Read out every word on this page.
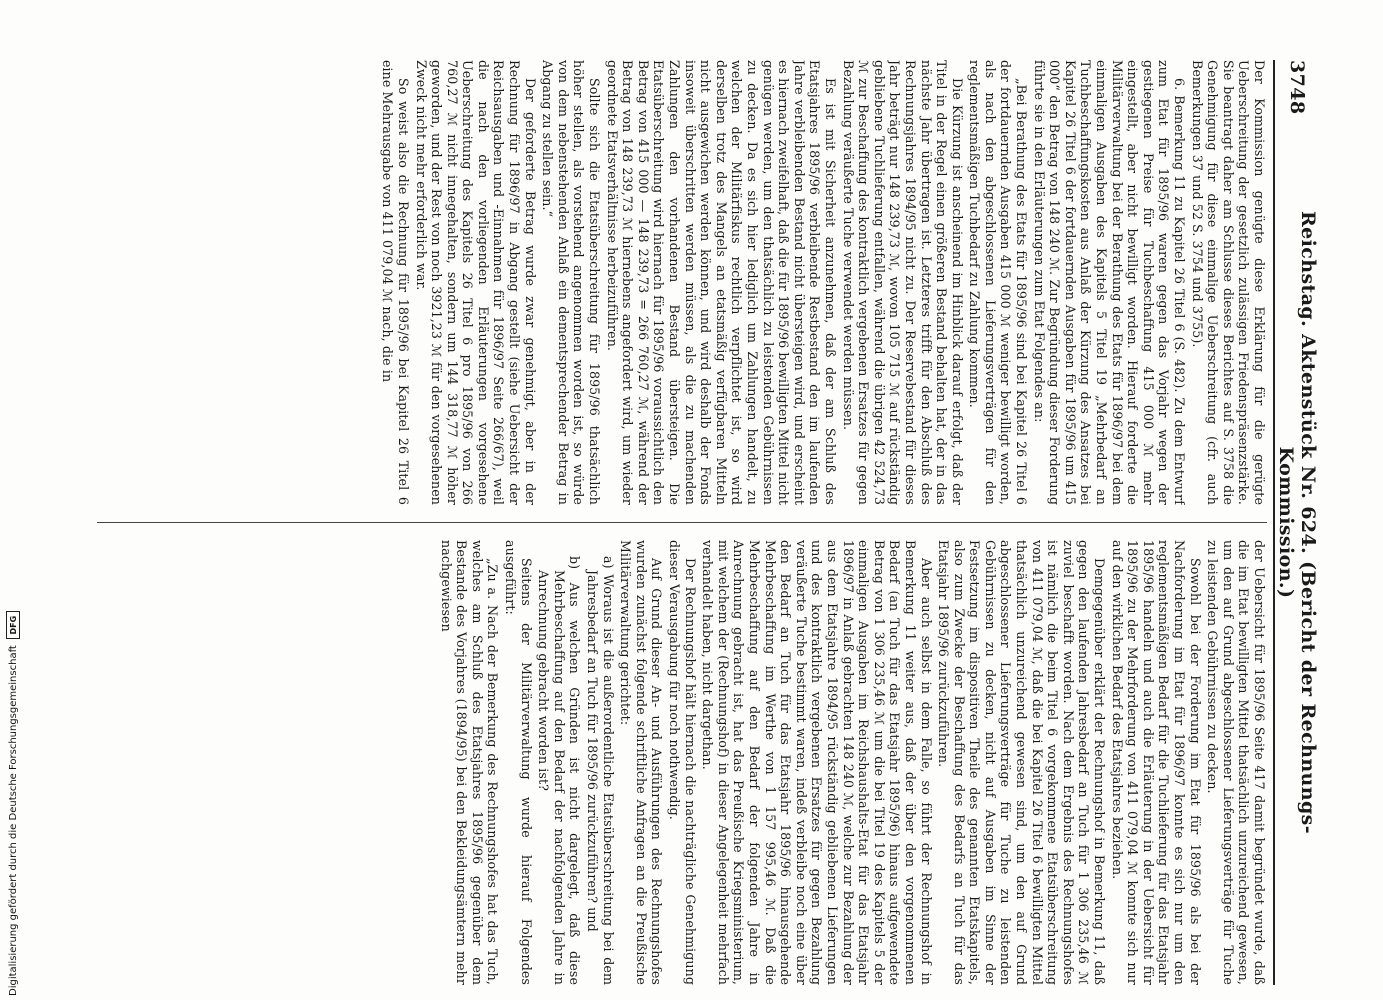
3748
Reichstag. Aktenstück Nr. 624. (Bericht der Rechnungs-Kommission.)

Der Kommission genügte diese Erklärung für die gerügte Ueberschreitung der gesetzlich zulässigen Friedenspräsenzstärke. Sie beantragt daher am Schlusse dieses Berichtes auf S. 3758 die Genehmigung für diese einmalige Ueberschreitung (cfr. auch Bemerkungen 37 und 52 S. 3754 und 3755).

6. Bemerkung 11 zu Kapitel 26 Titel 6 (S. 482). Zu dem Entwurf zum Etat für 1895/96 waren gegen das Vorjahr wegen der gestiegenen Preise für Tuchbeschaffung 415 000 ℳ mehr eingestellt, aber nicht bewilligt worden. Hierauf forderte die Militärverwaltung bei der Berathung des Etats für 1896/97 bei dem einmaligen Ausgaben des Kapitels 5 Titel 19 „Mehrbedarf an Tuchbeschaffungskosten aus Anlaß der Kürzung des Ansatzes bei Kapitel 26 Titel 6 der fortdauernden Ausgaben für 1895/96 um 415 000“ den Betrag von 148 240 ℳ. Zur Begründung dieser Forderung führte sie in den Erläuterungen zum Etat Folgendes an:

„Bei Berathung des Etats für 1895/96 sind bei Kapitel 26 Titel 6 der fortdauernden Ausgaben 415 000 ℳ weniger bewilligt worden, als nach den abgeschlossenen Lieferungsverträgen für den reglementsmäßigen Tuchbedarf zu Zahlung kommen.

Die Kürzung ist anscheinend im Hinblick darauf erfolgt, daß der Titel in der Regel einen größeren Bestand behalten hat, der in das nächste Jahr übertragen ist. Letzteres trifft für den Abschluß des Rechnungsjahres 1894/95 nicht zu. Der Reservebestand für dieses Jahr beträgt nur 148 239,73 ℳ, wovon 105 715 ℳ auf rückständig gebliebene Tuchlieferung entfallen, während die übrigen 42 524,73 ℳ zur Beschaffung des kontraktlich vergebenen Ersatzes für gegen Bezahlung veräußerte Tuche verwendet werden müssen.

Es ist mit Sicherheit anzunehmen, daß der am Schluß des Etatsjahres 1895/96 verbleibende Restbestand den im laufenden Jahre verbleibenden Bestand nicht übersteigen wird, und erscheint es hiernach zweifelhaft, daß die für 1895/96 bewilligten Mittel nicht genügen werden, um den thatsächlich zu leistenden Gebührnissen zu decken. Da es sich hier lediglich um Zahlungen handelt, zu welchen der Militärfiskus rechtlich verpflichtet ist, so wird derselben trotz des Mangels an etatsmäßig verfügbaren Mitteln nicht ausgewichen werden können, und wird deshalb der Fonds insoweit überschritten werden müssen, als die zu machenden Zahlungen den vorhandenen Bestand übersteigen. Die Etatsüberschreitung wird hiernach für 1895/96 voraussichtlich den Betrag von 415 000 — 148 239,73 = 266 760,27 ℳ, während der Betrag von 148 239,73 ℳ hiernebens angefordert wird, um wieder geordnete Etatsverhältnisse herbeizuführen.

Sollte sich die Etatsüberschreitung für 1895/96 thatsächlich höher stellen, als vorstehend angenommen worden ist, so würde von dem nebenstehenden Anlaß ein dementsprechender Betrag in Abgang zu stellen sein.“

Der geforderte Betrag wurde zwar genehmigt, aber in der Rechnung für 1896/97 in Abgang gestellt (siehe Uebersicht der Reichsausgaben und -Einnahmen für 1896/97 Seite 266/67), weil die nach den vorliegenden Erläuterungen vorgesehene Ueberschreitung des Kapitels 26 Titel 6 pro 1895/96 von 266 760,27 ℳ nicht innegehalten, sondern um 144 318,77 ℳ höher geworden, und der Rest von noch 3921,23 ℳ für den vorgesehenen Zweck nicht mehr erforderlich war.

So weist also die Rechnung für 1895/96 bei Kapitel 26 Titel 6 eine Mehrausgabe von 411 079,04 ℳ nach, die in

der Uebersicht für 1895/96 Seite 417 damit begründet wurde, daß die im Etat bewilligten Mittel thatsächlich unzureichend gewesen, um den auf Grund abgeschlossener Lieferungsverträge für Tuche zu leistenden Gebührnissen zu decken.

Sowohl bei der Forderung im Etat für 1895/96 als bei der Nachforderung im Etat für 1896/97 konnte es sich nur um den reglementsmäßigen Bedarf für die Tuchlieferung für das Etatsjahr 1895/96 handeln und auch die Erläuterung in der Uebersicht für 1895/96 zu der Mehrforderung von 411 079,04 ℳ konnte sich nur auf den wirklichen Bedarf des Etatsjahres beziehen.

Demgegenüber erklärt der Rechnungshof in Bemerkung 11, daß gegen den laufenden Jahresbedarf an Tuch für 1 306 235,46 ℳ zuviel beschafft worden. Nach dem Ergebnis des Rechnungshofes ist nämlich die beim Titel 6 vorgekommene Etatsüberschreitung von 411 079,04 ℳ, daß die bei Kapitel 26 Titel 6 bewilligten Mittel thatsächlich unzureichend gewesen sind, um den auf Grund abgeschlossener Lieferungsverträge für Tuche zu leistenden Gebührnissen zu decken, nicht auf Ausgaben im Sinne der Festsetzung im dispositiven Theile des genannten Etatskapitels, also zum Zwecke der Beschaffung des Bedarfs an Tuch für das Etatsjahr 1895/96 zurückzuführen.

Aber auch selbst in dem Falle, so führt der Rechnungshof in Bemerkung 11 weiter aus, daß der über den vorgenommenen Bedarf (an Tuch für das Etatsjahr 1895/96) hinaus aufgewendete Betrag von 1 306 235,46 ℳ um die bei Titel 19 des Kapitels 5 der einmaligen Ausgaben im Reichshaushalts-Etat für das Etatsjahr 1896/97 in Anlaß gebrachten 148 240 ℳ, welche zur Bezahlung der aus dem Etatsjahre 1894/95 rückständig gebliebenen Lieferungen und des kontraktlich vergebenen Ersatzes für gegen Bezahlung veräußerte Tuche bestimmt waren, indeß verbleibe noch eine über den Bedarf an Tuch für das Etatsjahr 1895/96 hinausgehende Mehrbeschaffung im Werthe von 1 157 995,46 ℳ. Daß die Mehrbeschaffung auf den Bedarf der folgenden Jahre in Anrechnung gebracht ist, hat das Preußische Kriegsministerium, mit welchem der (Rechnungshof) in dieser Angelegenheit mehrfach verhandelt haben, nicht dargethan.

Der Rechnungshof hält hiernach die nachträgliche Genehmigung dieser Verausgabung für noch nothwendig.

Auf Grund dieser An- und Ausführungen des Rechnungshofes wurden zunächst folgende schriftliche Anfragen an die Preußische Militärverwaltung gerichtet:

a) Woraus ist die außerordentliche Etatsüberschreitung bei dem Jahresbedarf an Tuch für 1895/96 zurückzuführen? und

b) Aus welchen Gründen ist nicht dargelegt, daß diese Mehrbeschaffung auf den Bedarf der nachfolgenden Jahre in Anrechnung gebracht worden ist?

Seitens der Militärverwaltung wurde hierauf Folgendes ausgeführt:

„Zu a. Nach der Bemerkung des Rechnungshofes hat das Tuch, welches am Schluß des Etatsjahres 1895/96 gegenüber dem Bestande des Vorjahres (1894/95) bei den Bekleidungsämtern mehr nachgewiesen

Digitalisierung gefördert durch die Deutsche Forschungsgemeinschaft
DFG
